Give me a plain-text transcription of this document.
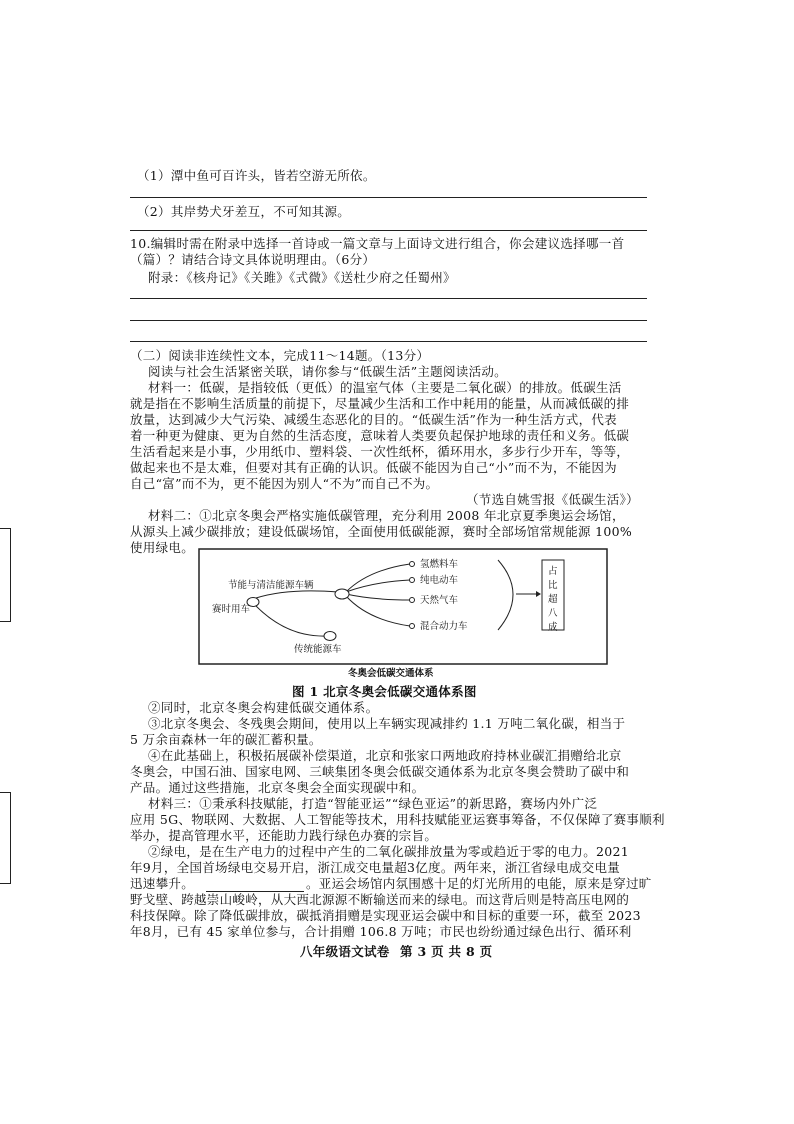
（1）潭中鱼可百许头，皆若空游无所依。
（2）其岸势犬牙差互，不可知其源。
10.编辑时需在附录中选择一首诗或一篇文章与上面诗文进行组合，你会建议选择哪一首
（篇）？请结合诗文具体说明理由。（6分）
附录：《核舟记》《关雎》《式微》《送杜少府之任蜀州》
（二）阅读非连续性文本，完成11～14题。（13分）
阅读与社会生活紧密关联，请你参与“低碳生活”主题阅读活动。
材料一：低碳，是指较低（更低）的温室气体（主要是二氧化碳）的排放。低碳生活
就是指在不影响生活质量的前提下，尽量减少生活和工作中耗用的能量，从而减低碳的排
放量，达到减少大气污染、减缓生态恶化的目的。“低碳生活”作为一种生活方式，代表
着一种更为健康、更为自然的生活态度，意味着人类要负起保护地球的责任和义务。低碳
生活看起来是小事，少用纸巾、塑料袋、一次性纸杯，循环用水，多步行少开车，等等，
做起来也不是太难，但要对其有正确的认识。低碳不能因为自己“小”而不为，不能因为
自己“富”而不为，更不能因为别人“不为”而自己不为。
（节选自姚雪报《低碳生活》）
材料二：①北京冬奥会严格实施低碳管理，充分利用 2008 年北京夏季奥运会场馆，
从源头上减少碳排放；建设低碳场馆，全面使用低碳能源，赛时全部场馆常规能源 100%
使用绿电。
赛时用车
节能与清洁能源车辆
传统能源车
氢燃料车
纯电动车
天然气车
混合动力车
冬奥会低碳交通体系
占比超八成
图 1 北京冬奥会低碳交通体系图
②同时，北京冬奥会构建低碳交通体系。
③北京冬奥会、冬残奥会期间，使用以上车辆实现减排约 1.1 万吨二氧化碳，相当于
5 万余亩森林一年的碳汇蓄积量。
④在此基础上，积极拓展碳补偿渠道，北京和张家口两地政府持林业碳汇捐赠给北京
冬奥会，中国石油、国家电网、三峡集团冬奥会低碳交通体系为北京冬奥会赞助了碳中和
产品。通过这些措施，北京冬奥会全面实现碳中和。
材料三：①秉承科技赋能，打造“智能亚运”“绿色亚运”的新思路，赛场内外广泛
应用 5G、物联网、大数据、人工智能等技术，用科技赋能亚运赛事筹备，不仅保障了赛事顺利
举办，提高管理水平，还能助力践行绿色办赛的宗旨。
②绿电，是在生产电力的过程中产生的二氧化碳排放量为零或趋近于零的电力。2021
年9月，全国首场绿电交易开启，浙江成交电量超3亿度。两年来，浙江省绿电成交电量
迅速攀升。	。亚运会场馆内氛围感十足的灯光所用的电能，原来是穿过旷
野戈壁、跨越崇山峻岭，从大西北源源不断输送而来的绿电。而这背后则是特高压电网的
科技保障。除了降低碳排放，碳抵消捐赠是实现亚运会碳中和目标的重要一环，截至 2023
年8月，已有 45 家单位参与，合计捐赠 106.8 万吨；市民也纷纷通过绿色出行、循环利
八年级语文试卷 第 3 页 共 8 页
